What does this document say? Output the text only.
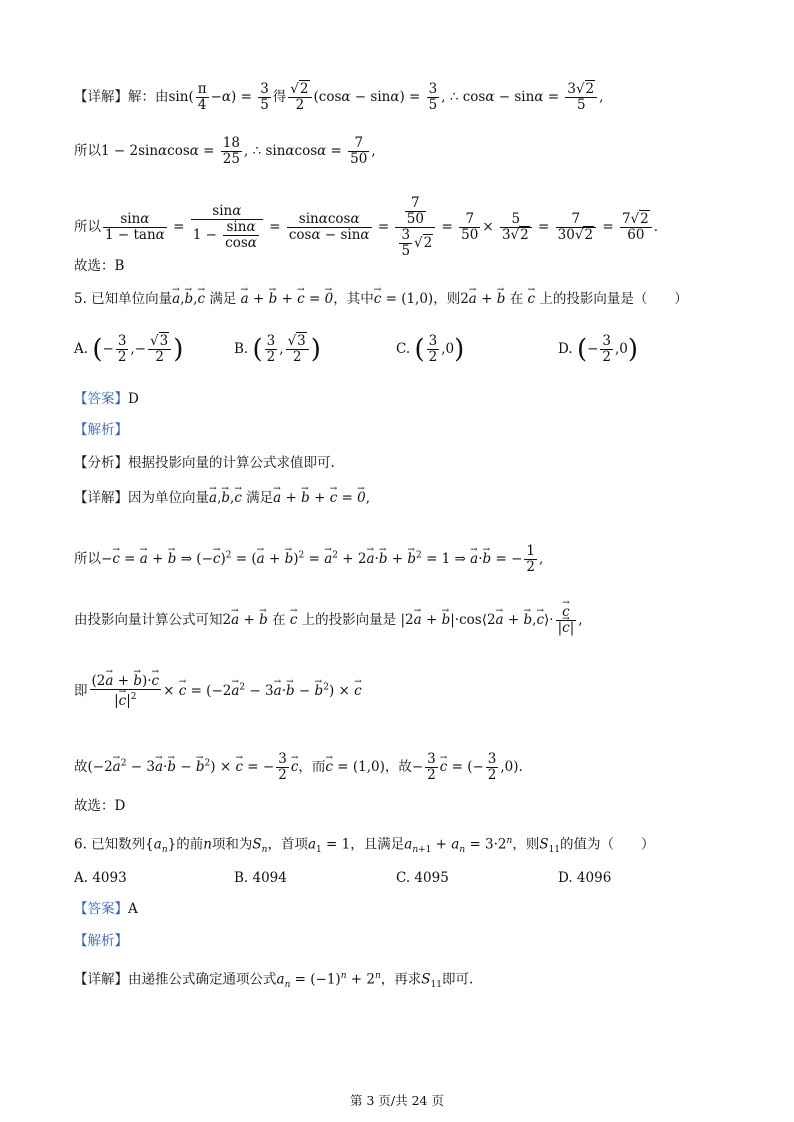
【详解】解：由$\sin( \frac{\pi}{4} -\alpha) = \frac{3}{5}$ 得 $\frac{√2}{2} (\cos\alpha - \sin\alpha) = \frac{3}{5}$ , ∴ $\cos\alpha - \sin\alpha = \frac{3√2}{5}$ ,
所以$1 - 2\sin\alpha\cos\alpha = \frac{18}{25}$ , ∴ $\sin\alpha\cos\alpha = \frac{7}{50}$ ,
所以 $\frac{\sin\alpha}{1 - \tan\alpha} = \frac{\sin\alpha}{1 - \frac{\sin\alpha}{\cos\alpha}} = \frac{\sin\alpha\cos\alpha}{\cos\alpha - \sin\alpha} = \frac{\frac{7}{50}}{\frac{3}{5} √2} = \frac{7}{50} \times \frac{5}{3√2} = \frac{7}{30√2} = \frac{7√2}{60}$ .
故选：B
5. 已知单位向量→ a,→ b,→ c 满足 → a + → b + → c = → 0，其中→ c = (1,0)，则2→ a + → b 在 → c 上的投影向量是（　　）
A. (− $\frac{3}{2}$ ,− $\frac{√3}{2}$ )	B. ( $\frac{3}{2}$ , $\frac{√3}{2}$ )	C. ( $\frac{3}{2} ,0$)	D. (− $\frac{3}{2} ,0$)
【答案】D
【解析】
【分析】根据投影向量的计算公式求值即可.
【详解】因为单位向量→ a,→ b,→ c 满足→ a + → b + → c = → 0,
所以−→ c = → a + → b ⇒ (−→ c)$^2$ = (→ a + → b)$^2$ = → $a^2 + 2\to a\cdot\to b$ + → $b^2 = 1$ ⇒ → a·→ b = − $\frac{1}{2}$ ,
由投影向量计算公式可知2→ a + → b 在 → c 上的投影向量是 |2→ a + → b|·cos⟨2→ a + → b,→ c⟩·
→ $\frac{c}{|\to c|}$ ,
即 $\frac{(2\to a + \to b)\cdot\to c}{|\to c|^2}$ × → $c = (-2\to a^2 - 3\to a\cdot\to b$ − → $b^2$) × → c
故($-2\to a^2 - 3\to a\cdot\to b$ − → $b^2$) × → c = − $\frac{3}{2}$
→ c，而→ c = (1,0)，故− $\frac{3}{2}$
→ c = (− $\frac{3}{2} ,0$).
故选：D
6. 已知数列$\{a_n\}$的前n项和为$S_n$，首项$a_1 = 1$，且满足$a_{n+1} + a_n = 3\cdot 2^n$，则$S_{11}$的值为（　　）
A. 4093	B. 4094	C. 4095	D. 4096
【答案】A
【解析】
【详解】由递推公式确定通项公式$a_n = (-1)^n + 2^n$，再求$S_{11}$即可.
第 3 页/共 24 页
